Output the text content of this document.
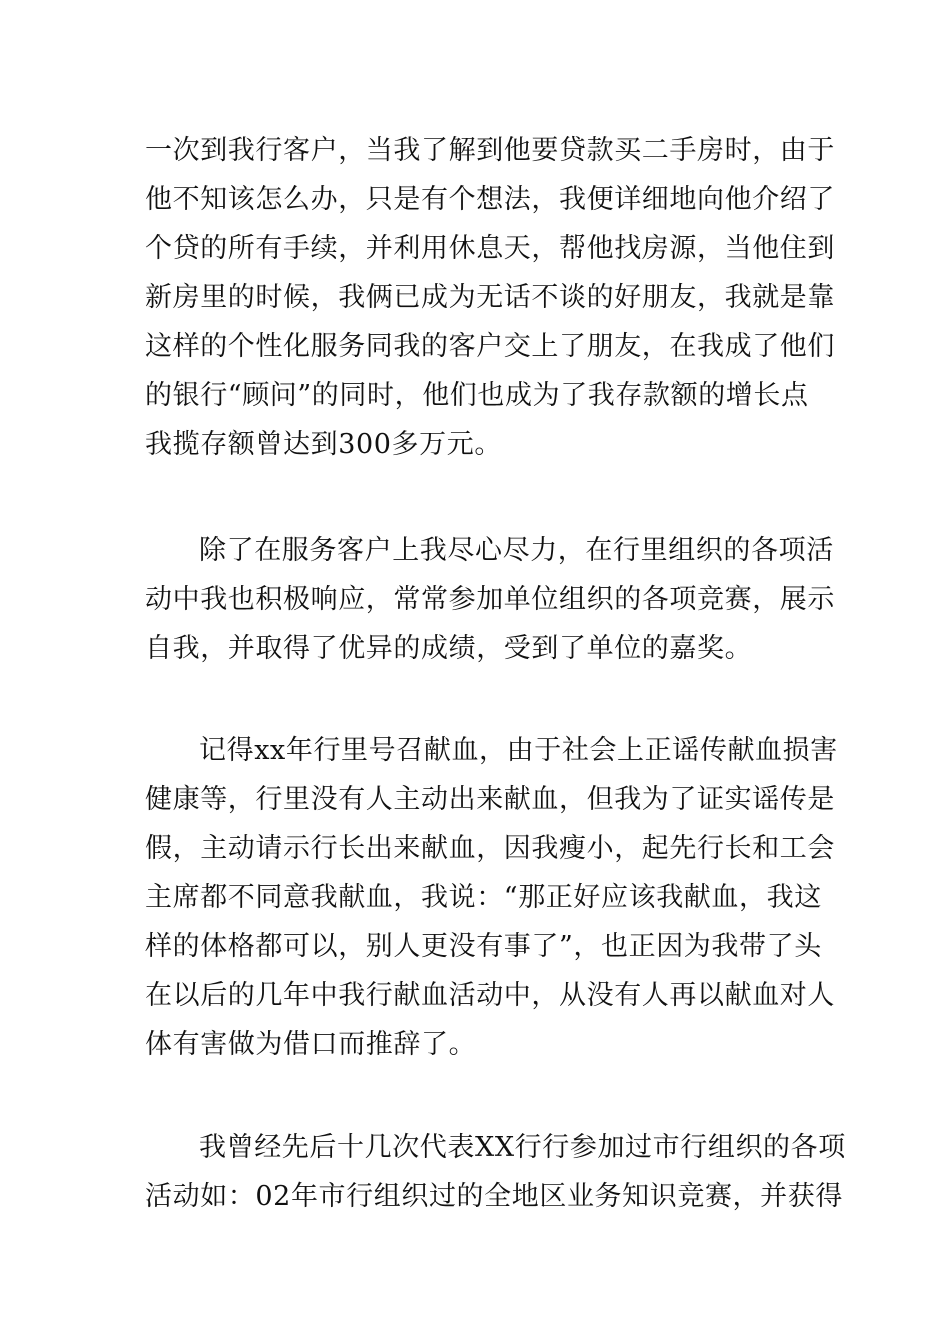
一次到我行客户，当我了解到他要贷款买二手房时，由于
他不知该怎么办，只是有个想法，我便详细地向他介绍了
个贷的所有手续，并利用休息天，帮他找房源，当他住到
新房里的时候，我俩已成为无话不谈的好朋友，我就是靠
这样的个性化服务同我的客户交上了朋友，在我成了他们
的银行“顾问”的同时，他们也成为了我存款额的增长点
我揽存额曾达到300多万元。
除了在服务客户上我尽心尽力，在行里组织的各项活
动中我也积极响应，常常参加单位组织的各项竞赛，展示
自我，并取得了优异的成绩，受到了单位的嘉奖。
记得xx年行里号召献血，由于社会上正谣传献血损害
健康等，行里没有人主动出来献血，但我为了证实谣传是
假，主动请示行长出来献血，因我瘦小，起先行长和工会
主席都不同意我献血，我说：“那正好应该我献血，我这
样的体格都可以，别人更没有事了”，也正因为我带了头
在以后的几年中我行献血活动中，从没有人再以献血对人
体有害做为借口而推辞了。
我曾经先后十几次代表XX行行参加过市行组织的各项
活动如：02年市行组织过的全地区业务知识竞赛，并获得
